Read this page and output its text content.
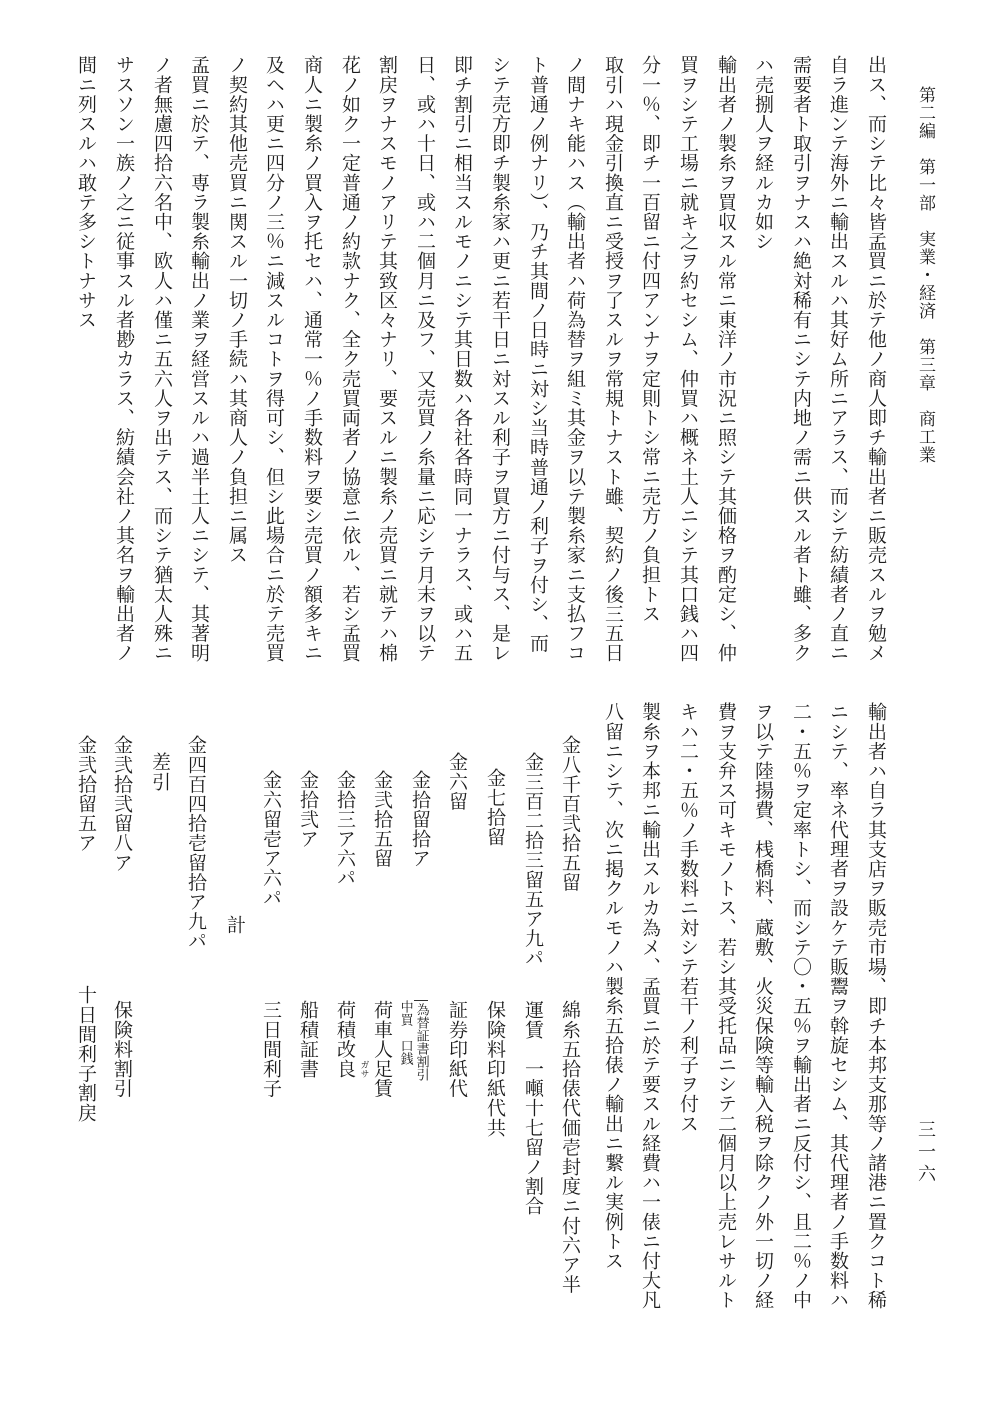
第二編　第一部　実業・経済　第三章　商工業
三一六
出ス、而シテ比々皆孟買ニ於テ他ノ商人即チ輸出者ニ販売スルヲ勉メ
自ラ進ンテ海外ニ輸出スルハ其好ム所ニアラス、而シテ紡績者ノ直ニ
需要者ト取引ヲナスハ絶対稀有ニシテ内地ノ需ニ供スル者ト雖、多ク
ハ売捌人ヲ経ルカ如シ
輸出者ノ製糸ヲ買収スル常ニ東洋ノ市況ニ照シテ其価格ヲ酌定シ、仲
買ヲシテ工場ニ就キ之ヲ約セシム、仲買ハ概ネ土人ニシテ其口銭ハ四
分一％、即チ一百留ニ付四アンナヲ定則トシ常ニ売方ノ負担トス
取引ハ現金引換直ニ受授ヲ了スルヲ常規トナスト雖、契約ノ後三五日
ノ間ナキ能ハス（輸出者ハ荷為替ヲ組ミ其金ヲ以テ製糸家ニ支払フコ
ト普通ノ例ナリ）、乃チ其間ノ日時ニ対シ当時普通ノ利子ヲ付シ、而
シテ売方即チ製糸家ハ更ニ若干日ニ対スル利子ヲ買方ニ付与ス、是レ
即チ割引ニ相当スルモノニシテ其日数ハ各社各時同一ナラス、或ハ五
日、或ハ十日、或ハ二個月ニ及フ、又売買ノ糸量ニ応シテ月末ヲ以テ
割戻ヲナスモノアリテ其致区々ナリ、要スルニ製糸ノ売買ニ就テハ棉
花ノ如ク一定普通ノ約款ナク、全ク売買両者ノ協意ニ依ル、若シ孟買
商人ニ製糸ノ買入ヲ托セハ、通常一％ノ手数料ヲ要シ売買ノ額多キニ
及ヘハ更ニ四分ノ三％ニ減スルコトヲ得可シ、但シ此場合ニ於テ売買
ノ契約其他売買ニ関スル一切ノ手続ハ其商人ノ負担ニ属ス
孟買ニ於テ、専ラ製糸輸出ノ業ヲ経営スルハ過半土人ニシテ、其著明
ノ者無慮四拾六名中、欧人ハ僅ニ五六人ヲ出テス、而シテ猶太人殊ニ
サスソン一族ノ之ニ従事スル者尠カラス、紡績会社ノ其名ヲ輸出者ノ
間ニ列スルハ敢テ多シトナサス
輸出者ハ自ラ其支店ヲ販売市場、即チ本邦支那等ノ諸港ニ置クコト稀
ニシテ、率ネ代理者ヲ設ケテ販鬻ヲ斡旋セシム、其代理者ノ手数料ハ
二・五％ヲ定率トシ、而シテ〇・五％ヲ輸出者ニ反付シ、且二％ノ中
ヲ以テ陸揚費、桟橋料、蔵敷、火災保険等輸入税ヲ除クノ外一切ノ経
費ヲ支弁ス可キモノトス、若シ其受托品ニシテ二個月以上売レサルト
キハ二・五％ノ手数料ニ対シテ若干ノ利子ヲ付ス
製糸ヲ本邦ニ輸出スルカ為メ、孟買ニ於テ要スル経費ハ一俵ニ付大凡
八留ニシテ、次ニ掲クルモノハ製糸五拾俵ノ輸出ニ繋ル実例トス
綿糸五拾俵代価壱封度ニ付六ア半
金八千百弐拾五留
金三百二拾三留五ア九パ
運賃　一噸十七留ノ割合
金七拾留
保険料印紙代共
金六留
証券印紙代
金拾留拾ア
為替証書割引
中買　口銭
金弐拾五留
荷車人足賃
金拾三ア六パ
荷積改良 ガサ
金拾弐ア
船積証書
金六留壱ア六パ
三日間利子
計
金四百四拾壱留拾ア九パ
差引
金弐拾弐留八ア
保険料割引
金弐拾留五ア
十日間利子割戻
